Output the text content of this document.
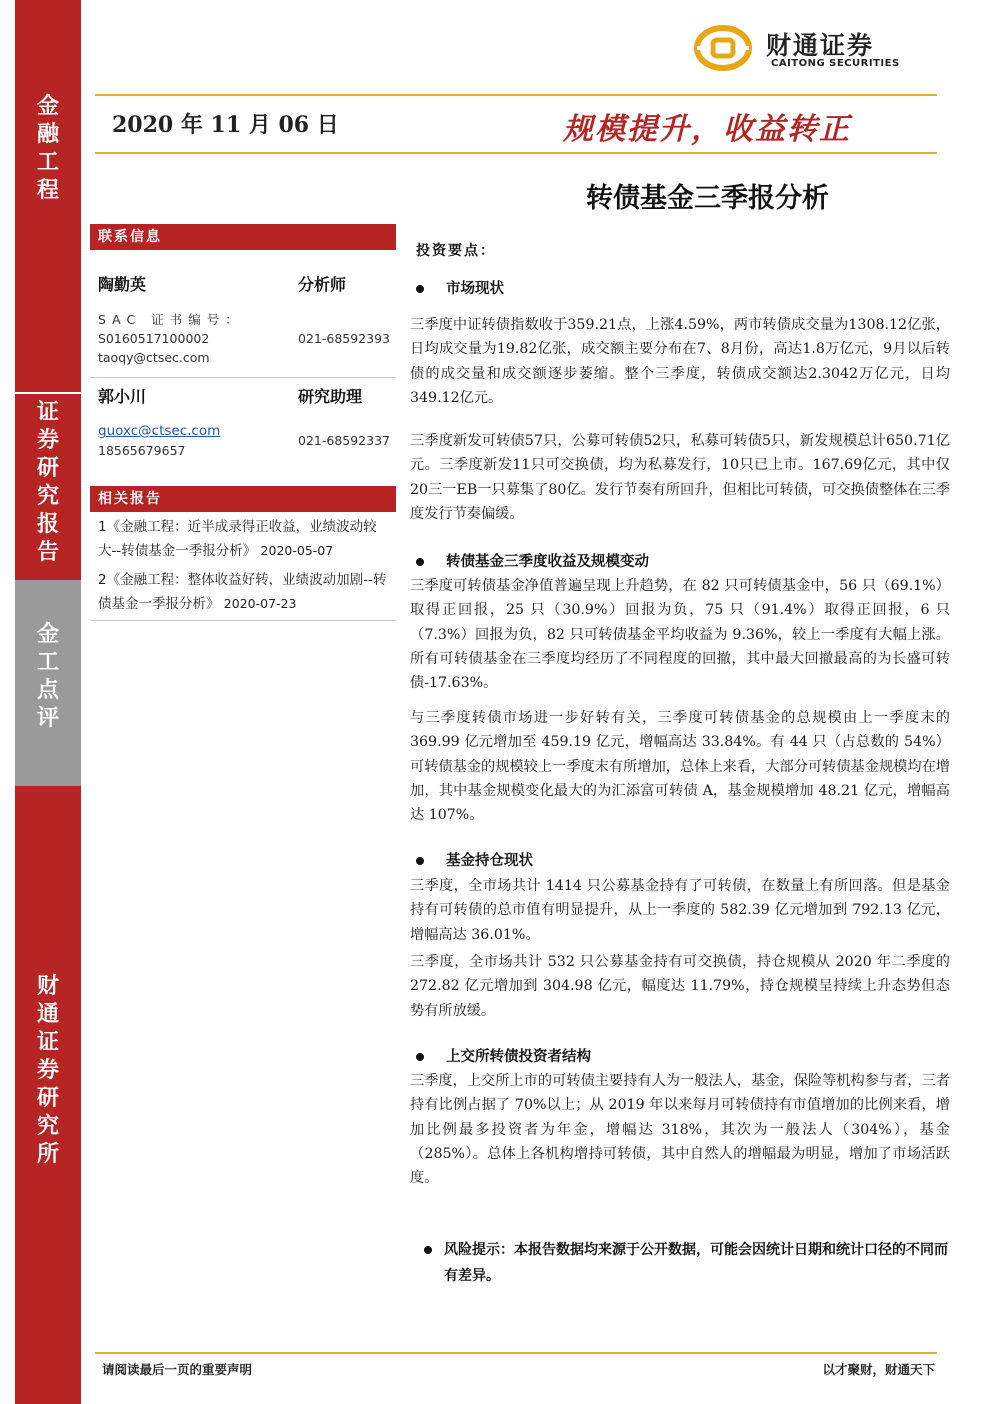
金
融
工
程
证
券
研
究
报
告
金
工
点
评
财
通
证
券
研
究
所
财通证券
CAITONG SECURITIES
2020 年 11 月 06 日	规模提升，收益转正
转债基金三季报分析
联系信息
陶勤英	分析师
SAC 证书编号：
S0160517100002	021-68592393
taoqy@ctsec.com
郭小川	研究助理
guoxc@ctsec.com
021-68592337
18565679657
相关报告
1《金融工程：近半成录得正收益，业绩波动较大--转债基金一季报分析》 2020-05-07
2《金融工程：整体收益好转，业绩波动加剧--转债基金一季报分析》 2020-07-23
投资要点：
市场现状
三季度中证转债指数收于359.21点，上涨4.59%，两市转债成交量为1308.12亿张，日均成交量为19.82亿张，成交额主要分布在7、8月份，高达1.8万亿元，9月以后转债的成交量和成交额逐步萎缩。整个三季度，转债成交额达2.3042万亿元，日均349.12亿元。
三季度新发可转债57只，公募可转债52只，私募可转债5只，新发规模总计650.71亿元。三季度新发11只可交换债，均为私募发行，10只已上市。167.69亿元，其中仅20三一EB一只募集了80亿。发行节奏有所回升，但相比可转债，可交换债整体在三季度发行节奏偏缓。
转债基金三季度收益及规模变动
三季度可转债基金净值普遍呈现上升趋势，在 82 只可转债基金中，56 只（69.1%）取得正回报，25 只（30.9%）回报为负，75 只（91.4%）取得正回报，6 只（7.3%）回报为负，82 只可转债基金平均收益为 9.36%，较上一季度有大幅上涨。所有可转债基金在三季度均经历了不同程度的回撤，其中最大回撤最高的为长盛可转债-17.63%。
与三季度转债市场进一步好转有关，三季度可转债基金的总规模由上一季度末的 369.99 亿元增加至 459.19 亿元，增幅高达 33.84%。有 44 只（占总数的 54%）可转债基金的规模较上一季度末有所增加，总体上来看，大部分可转债基金规模均在增加，其中基金规模变化最大的为汇添富可转债 A，基金规模增加 48.21 亿元，增幅高达 107%。
基金持仓现状
三季度，全市场共计 1414 只公募基金持有了可转债，在数量上有所回落。但是基金持有可转债的总市值有明显提升，从上一季度的 582.39 亿元增加到 792.13 亿元，增幅高达 36.01%。
三季度，全市场共计 532 只公募基金持有可交换债，持仓规模从 2020 年二季度的 272.82 亿元增加到 304.98 亿元，幅度达 11.79%，持仓规模呈持续上升态势但态势有所放缓。
上交所转债投资者结构
三季度，上交所上市的可转债主要持有人为一般法人，基金，保险等机构参与者，三者持有比例占据了 70%以上；从 2019 年以来每月可转债持有市值增加的比例来看，增加比例最多投资者为年金，增幅达 318%，其次为一般法人（304%），基金（285%）。总体上各机构增持可转债，其中自然人的增幅最为明显，增加了市场活跃度。
风险提示：本报告数据均来源于公开数据，可能会因统计日期和统计口径的不同而有差异。
请阅读最后一页的重要声明	以才聚财，财通天下
